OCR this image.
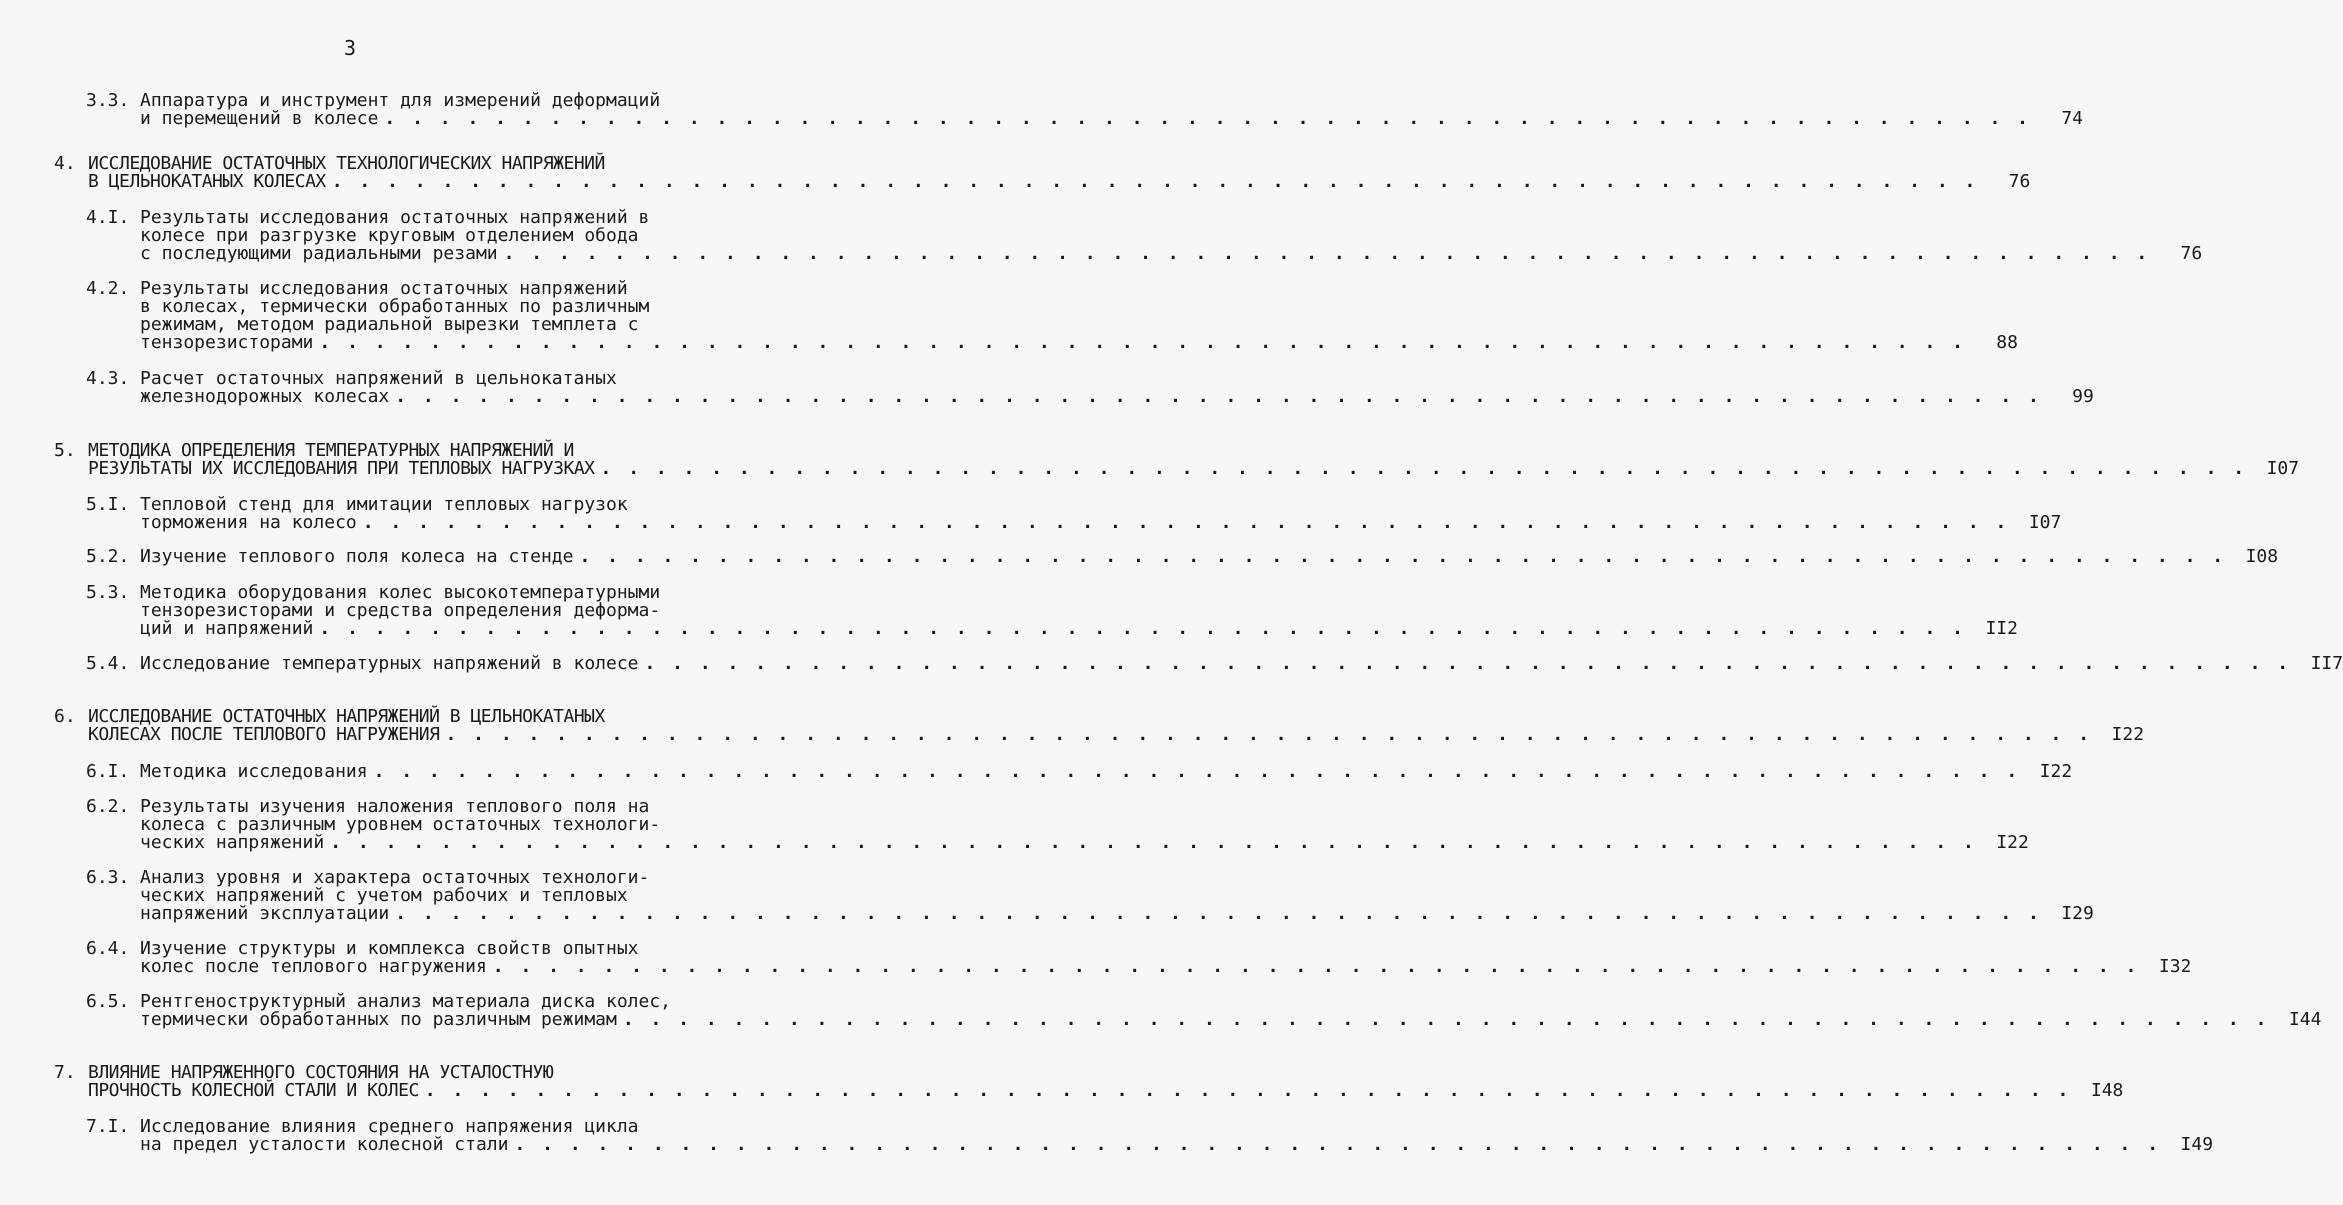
3
3.3. Аппаратура и инструмент для измерений деформаций
и перемещений в колесе . . . . . . . . . . . . . . . . . . . . . . . . . . . . . . . . . . . . . . . . . . . . . . . . . . . . . . . . . . . .	74
4. ИССЛЕДОВАНИЕ ОСТАТОЧНЫХ ТЕХНОЛОГИЧЕСКИХ НАПРЯЖЕНИЙ
В ЦЕЛЬНОКАТАНЫХ КОЛЕСАХ . . . . . . . . . . . . . . . . . . . . . . . . . . . . . . . . . . . . . . . . . . . . . . . . . . . . . . . . . . . .	76
4.I. Результаты исследования остаточных напряжений в
колесе при разгрузке круговым отделением обода
с последующими радиальными резами . . . . . . . . . . . . . . . . . . . . . . . . . . . . . . . . . . . . . . . . . . . . . . . . . . . . . . . . . . . .	76
4.2. Результаты исследования остаточных напряжений
в колесах, термически обработанных по различным
режимам, методом радиальной вырезки темплета с
тензорезисторами . . . . . . . . . . . . . . . . . . . . . . . . . . . . . . . . . . . . . . . . . . . . . . . . . . . . . . . . . . . .	88
4.3. Расчет остаточных напряжений в цельнокатаных
железнодорожных колесах . . . . . . . . . . . . . . . . . . . . . . . . . . . . . . . . . . . . . . . . . . . . . . . . . . . . . . . . . . . .	99
5. МЕТОДИКА ОПРЕДЕЛЕНИЯ ТЕМПЕРАТУРНЫХ НАПРЯЖЕНИЙ И
РЕЗУЛЬТАТЫ ИХ ИССЛЕДОВАНИЯ ПРИ ТЕПЛОВЫХ НАГРУЗКАХ . . . . . . . . . . . . . . . . . . . . . . . . . . . . . . . . . . . . . . . . . . . . . . . . . . . . . . . . . . . .	I07
5.I. Тепловой стенд для имитации тепловых нагрузок
торможения на колесо . . . . . . . . . . . . . . . . . . . . . . . . . . . . . . . . . . . . . . . . . . . . . . . . . . . . . . . . . . . .	I07
5.2. Изучение теплового поля колеса на стенде . . . . . . . . . . . . . . . . . . . . . . . . . . . . . . . . . . . . . . . . . . . . . . . . . . . . . . . . . . . .	I08
5.3. Методика оборудования колес высокотемпературными
тензорезисторами и средства определения деформа-
ций и напряжений . . . . . . . . . . . . . . . . . . . . . . . . . . . . . . . . . . . . . . . . . . . . . . . . . . . . . . . . . . . .	II2
5.4. Исследование температурных напряжений в колесе . . . . . . . . . . . . . . . . . . . . . . . . . . . . . . . . . . . . . . . . . . . . . . . . . . . . . . . . . . . .	II7
6. ИССЛЕДОВАНИЕ ОСТАТОЧНЫХ НАПРЯЖЕНИЙ В ЦЕЛЬНОКАТАНЫХ
КОЛЕСАХ ПОСЛЕ ТЕПЛОВОГО НАГРУЖЕНИЯ . . . . . . . . . . . . . . . . . . . . . . . . . . . . . . . . . . . . . . . . . . . . . . . . . . . . . . . . . . . .	I22
6.I. Методика исследования . . . . . . . . . . . . . . . . . . . . . . . . . . . . . . . . . . . . . . . . . . . . . . . . . . . . . . . . . . . .	I22
6.2. Результаты изучения наложения теплового поля на
колеса с различным уровнем остаточных технологи-
ческих напряжений . . . . . . . . . . . . . . . . . . . . . . . . . . . . . . . . . . . . . . . . . . . . . . . . . . . . . . . . . . . .	I22
6.3. Анализ уровня и характера остаточных технологи-
ческих напряжений с учетом рабочих и тепловых
напряжений эксплуатации . . . . . . . . . . . . . . . . . . . . . . . . . . . . . . . . . . . . . . . . . . . . . . . . . . . . . . . . . . . .	I29
6.4. Изучение структуры и комплекса свойств опытных
колес после теплового нагружения . . . . . . . . . . . . . . . . . . . . . . . . . . . . . . . . . . . . . . . . . . . . . . . . . . . . . . . . . . . .	I32
6.5. Рентгеноструктурный анализ материала диска колес,
термически обработанных по различным режимам . . . . . . . . . . . . . . . . . . . . . . . . . . . . . . . . . . . . . . . . . . . . . . . . . . . . . . . . . . . .	I44
7. ВЛИЯНИЕ НАПРЯЖЕННОГО СОСТОЯНИЯ НА УСТАЛОСТНУЮ
ПРОЧНОСТЬ КОЛЕСНОЙ СТАЛИ И КОЛЕС . . . . . . . . . . . . . . . . . . . . . . . . . . . . . . . . . . . . . . . . . . . . . . . . . . . . . . . . . . . .	I48
7.I. Исследование влияния среднего напряжения цикла
на предел усталости колесной стали . . . . . . . . . . . . . . . . . . . . . . . . . . . . . . . . . . . . . . . . . . . . . . . . . . . . . . . . . . . .	I49
